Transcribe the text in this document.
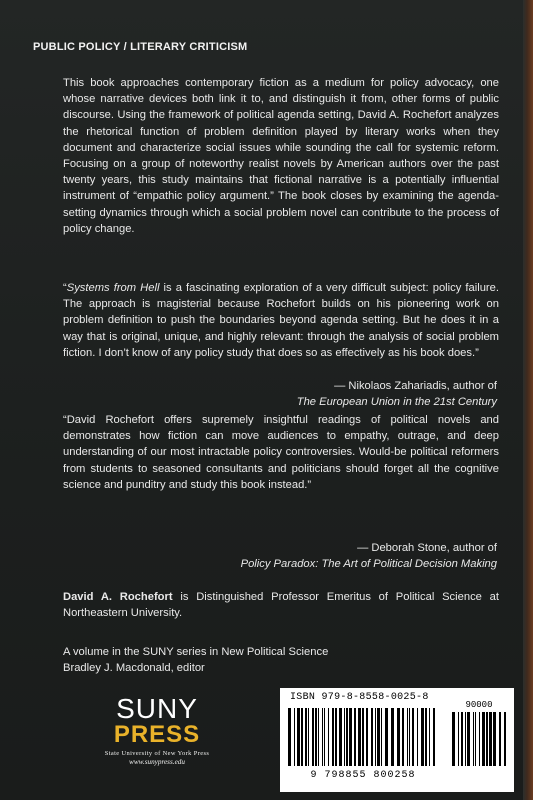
PUBLIC POLICY / LITERARY CRITICISM
This book approaches contemporary fiction as a medium for policy advocacy, one whose narrative devices both link it to, and distinguish it from, other forms of public discourse. Using the framework of political agenda setting, David A. Rochefort analyzes the rhetorical function of problem definition played by literary works when they document and characterize social issues while sounding the call for systemic reform. Focusing on a group of noteworthy realist novels by American authors over the past twenty years, this study maintains that fictional narrative is a potentially influential instrument of “empathic policy argument.” The book closes by examining the agenda-setting dynamics through which a social problem novel can contribute to the process of policy change.
“Systems from Hell is a fascinating exploration of a very difficult subject: policy failure. The approach is magisterial because Rochefort builds on his pioneering work on problem definition to push the boundaries beyond agenda setting. But he does it in a way that is original, unique, and highly relevant: through the analysis of social problem fiction. I don’t know of any policy study that does so as effectively as his book does.”
— Nikolaos Zahariadis, author of
The European Union in the 21st Century
“David Rochefort offers supremely insightful readings of political novels and demonstrates how fiction can move audiences to empathy, outrage, and deep understanding of our most intractable policy controversies. Would-be political reformers from students to seasoned consultants and politicians should forget all the cognitive science and punditry and study this book instead.”
— Deborah Stone, author of
Policy Paradox: The Art of Political Decision Making
David A. Rochefort is Distinguished Professor Emeritus of Political Science at Northeastern University.
A volume in the SUNY series in New Political Science
Bradley J. Macdonald, editor
SUNY
PRESS
State University of New York Press
www.sunypress.edu
ISBN 979-8-8558-0025-8
90000
9 798855 800258
